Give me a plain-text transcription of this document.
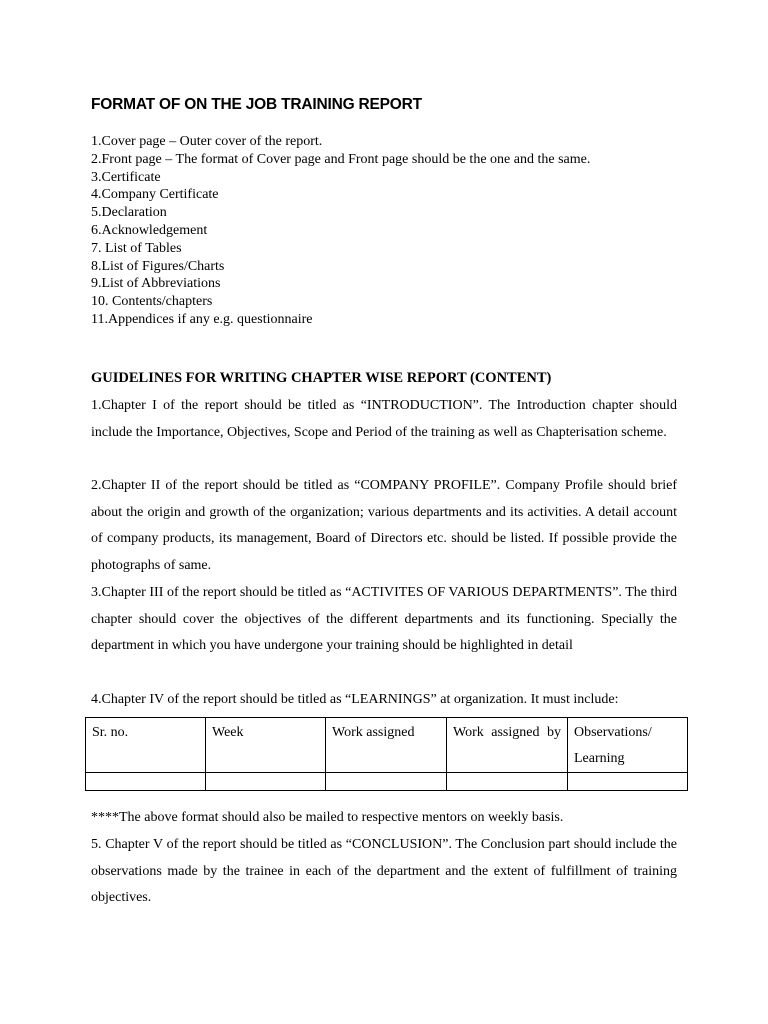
FORMAT OF ON THE JOB TRAINING REPORT
1.Cover page – Outer cover of the report.
2.Front page – The format of Cover page and Front page should be the one and the same.
3.Certificate
4.Company Certificate
5.Declaration
6.Acknowledgement
7. List of Tables
8.List of Figures/Charts
9.List of Abbreviations
10. Contents/chapters
11.Appendices if any e.g. questionnaire
GUIDELINES FOR WRITING CHAPTER WISE REPORT (CONTENT)
1.Chapter I of the report should be titled as “INTRODUCTION”. The Introduction chapter should include the Importance, Objectives, Scope and Period of the training as well as Chapterisation scheme.
2.Chapter II of the report should be titled as “COMPANY PROFILE”. Company Profile should brief about the origin and growth of the organization; various departments and its activities. A detail account of company products, its management, Board of Directors etc. should be listed. If possible provide the photographs of same.
3.Chapter III of the report should be titled as “ACTIVITES OF VARIOUS DEPARTMENTS”. The third chapter should cover the objectives of the different departments and its functioning. Specially the department in which you have undergone your training should be highlighted in detail
4.Chapter IV of the report should be titled as “LEARNINGS” at organization. It must include:
Sr. no.	Week	Work assigned	Work assigned by	Observations/ Learning

****The above format should also be mailed to respective mentors on weekly basis.
5. Chapter V of the report should be titled as “CONCLUSION”. The Conclusion part should include the observations made by the trainee in each of the department and the extent of fulfillment of training objectives.
